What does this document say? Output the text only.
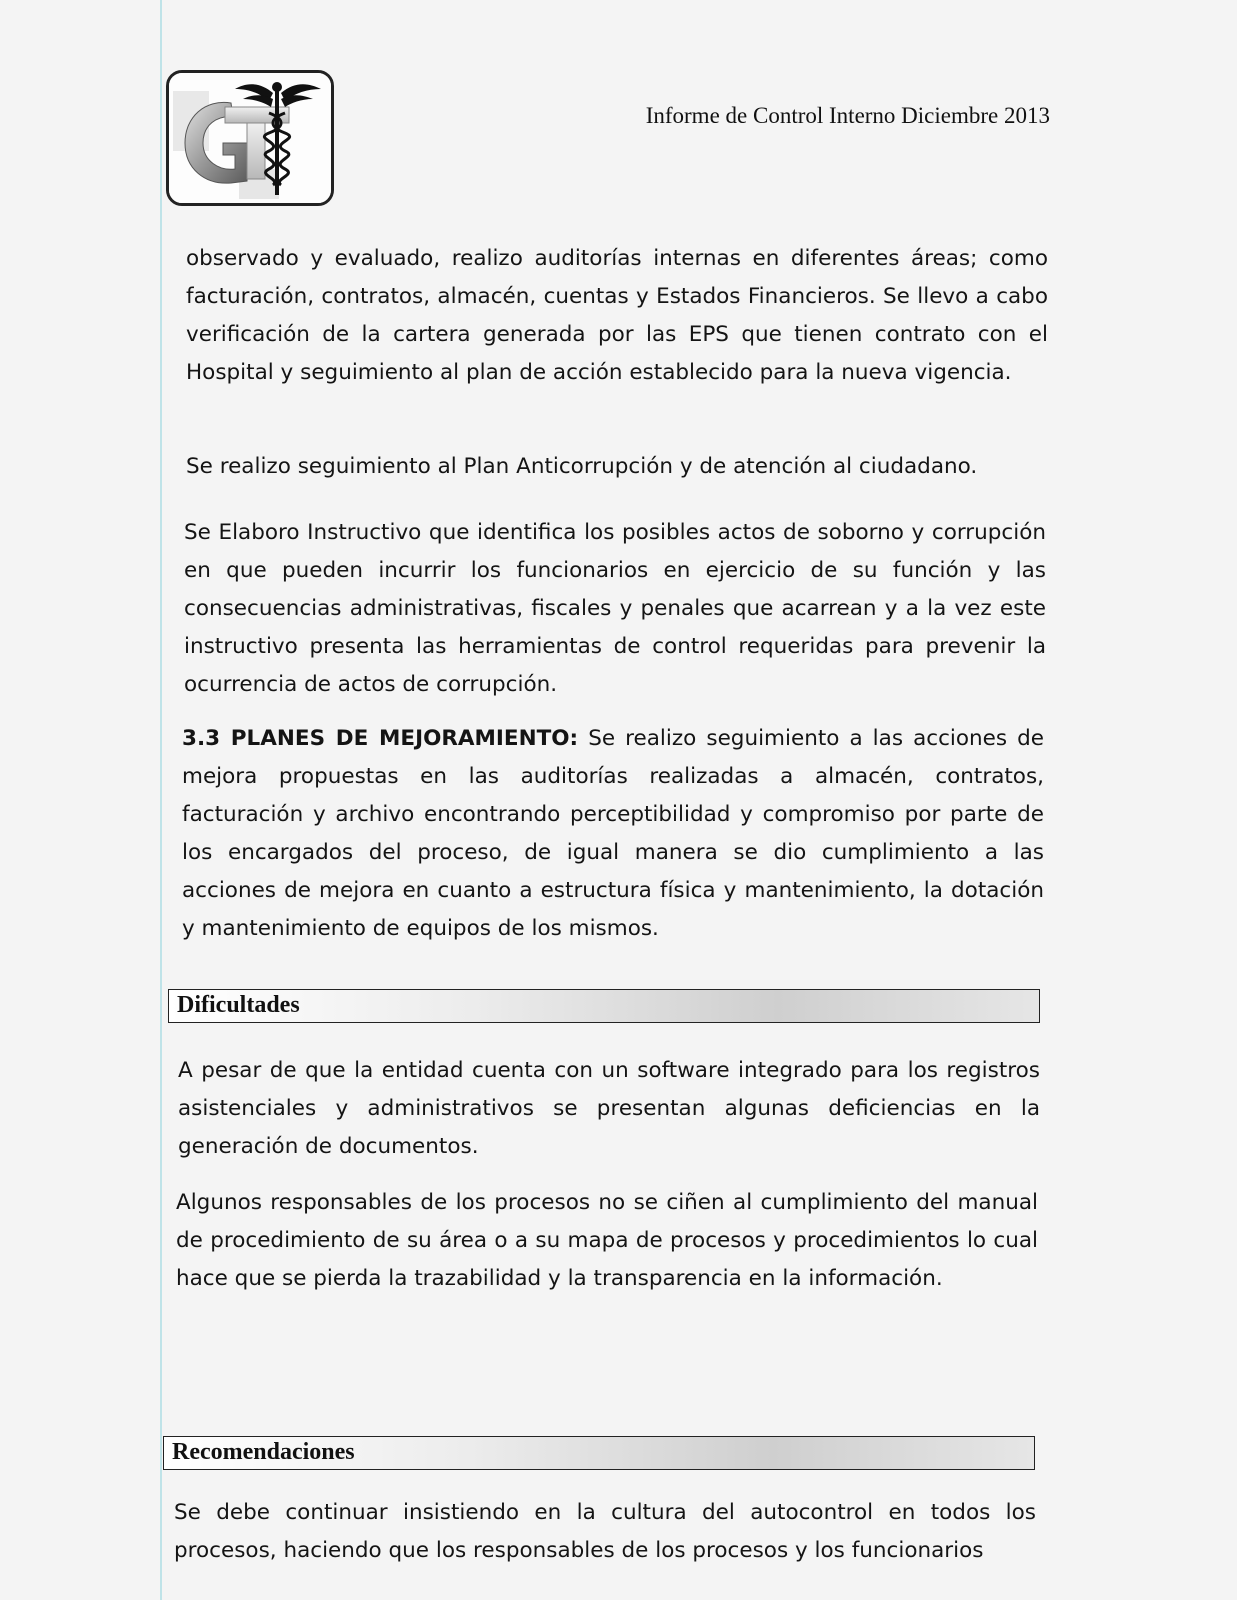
Informe de Control Interno Diciembre 2013

observado y evaluado, realizo auditorías internas en diferentes áreas; como facturación, contratos, almacén, cuentas y Estados Financieros. Se llevo a cabo verificación de la cartera generada por las EPS que tienen contrato con el Hospital y seguimiento al plan de acción establecido para la nueva vigencia.

Se realizo seguimiento al Plan Anticorrupción y de atención al ciudadano.

Se Elaboro Instructivo que identifica los posibles actos de soborno y corrupción en que pueden incurrir los funcionarios en ejercicio de su función y las consecuencias administrativas, fiscales y penales que acarrean y a la vez este instructivo presenta las herramientas de control requeridas para prevenir la ocurrencia de actos de corrupción.

3.3 PLANES DE MEJORAMIENTO: Se realizo seguimiento a las acciones de mejora propuestas en las auditorías realizadas a almacén, contratos, facturación y archivo encontrando perceptibilidad y compromiso por parte de los encargados del proceso, de igual manera se dio cumplimiento a las acciones de mejora en cuanto a estructura física y mantenimiento, la dotación y mantenimiento de equipos de los mismos.

Dificultades

A pesar de que la entidad cuenta con un software integrado para los registros asistenciales y administrativos se presentan algunas deficiencias en la generación de documentos.

Algunos responsables de los procesos no se ciñen al cumplimiento del manual de procedimiento de su área o a su mapa de procesos y procedimientos lo cual hace que se pierda la trazabilidad y la transparencia en la información.

Recomendaciones

Se debe continuar insistiendo en la cultura del autocontrol en todos los procesos, haciendo que los responsables de los procesos y los funcionarios
